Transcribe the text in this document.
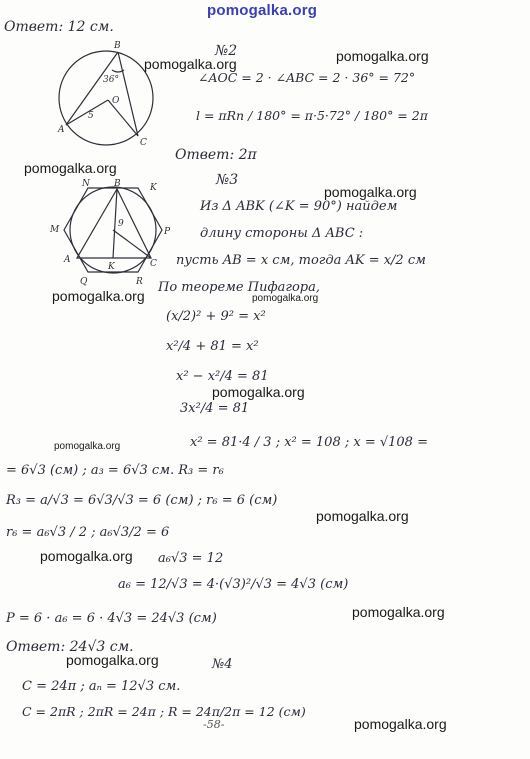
pomogalka.org
B
36°
O
5
A
C
N	B	K
M	P
A
K	C
Q	R
9
Ответ: 12 см.
№2
∠AOC = 2 · ∠ABC = 2 · 36° = 72°
l = πRn / 180° = π·5·72° / 180° = 2π
Ответ: 2π
№3
Из Δ ABK (∠K = 90°) найдем
длину стороны Δ ABC :
пусть AB = x см, тогда AK = x/2 см
По теореме Пифагора,
(x/2)² + 9² = x²
x²/4 + 81 = x²
x² − x²/4 = 81
3x²/4 = 81
x² = 81·4 / 3 ; x² = 108 ; x = √108 =
= 6√3 (см) ; a₃ = 6√3 см. R₃ = r₆
R₃ = a/√3 = 6√3/√3 = 6 (см) ; r₆ = 6 (см)
r₆ = a₆√3 / 2 ; a₆√3/2 = 6
a₆√3 = 12
a₆ = 12/√3 = 4·(√3)²/√3 = 4√3 (см)
P = 6 · a₆ = 6 · 4√3 = 24√3 (см)
Ответ: 24√3 см.
№4
C = 24π ; aₙ = 12√3 см.
C = 2πR ; 2πR = 24π ; R = 24π/2π = 12 (см)
-58-
pomogalka.org	pomogalka.org
pomogalka.org
pomogalka.org
pomogalka.org	pomogalka.org
pomogalka.org
pomogalka.org
pomogalka.org
pomogalka.org
pomogalka.org
pomogalka.org
pomogalka.org
